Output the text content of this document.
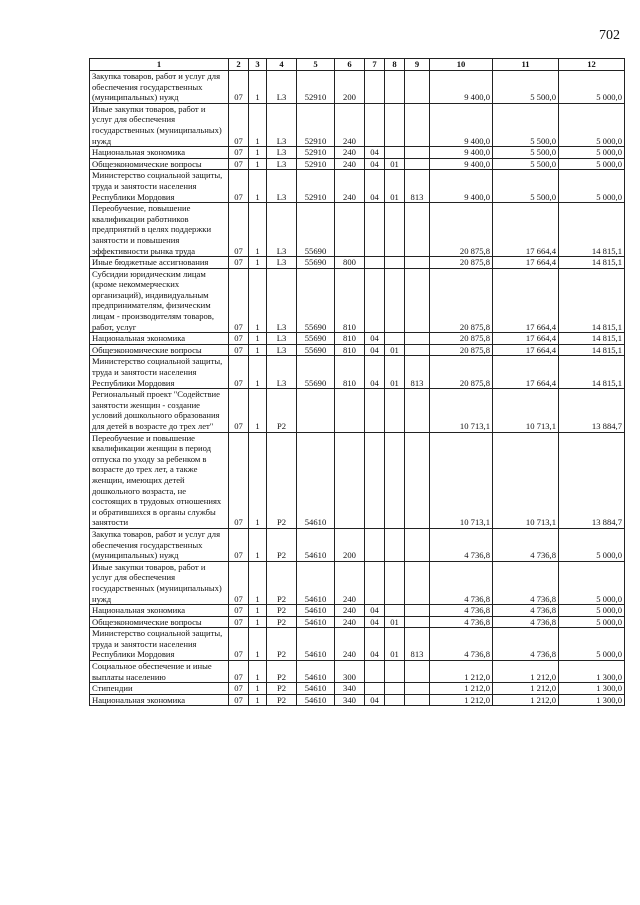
702
1	2	3	4	5	6	7	8	9	10	11	12
Закупка товаров, работ и услуг для обеспечения государственных (муниципальных) нужд	07	1	L3	52910	200				9 400,0	5 500,0	5 000,0
Иные закупки товаров, работ и услуг для обеспечения государственных (муниципальных) нужд	07	1	L3	52910	240				9 400,0	5 500,0	5 000,0
Национальная экономика	07	1	L3	52910	240	04			9 400,0	5 500,0	5 000,0
Общеэкономические вопросы	07	1	L3	52910	240	04	01		9 400,0	5 500,0	5 000,0
Министерство социальной защиты, труда и занятости населения Республики Мордовия	07	1	L3	52910	240	04	01	813	9 400,0	5 500,0	5 000,0
Переобучение, повышение квалификации работников предприятий в целях поддержки занятости и повышения эффективности рынка труда	07	1	L3	55690					20 875,8	17 664,4	14 815,1
Иные бюджетные ассигнования	07	1	L3	55690	800				20 875,8	17 664,4	14 815,1
Субсидии юридическим лицам (кроме некоммерческих организаций), индивидуальным предпринимателям, физическим лицам - производителям товаров, работ, услуг	07	1	L3	55690	810				20 875,8	17 664,4	14 815,1
Национальная экономика	07	1	L3	55690	810	04			20 875,8	17 664,4	14 815,1
Общеэкономические вопросы	07	1	L3	55690	810	04	01		20 875,8	17 664,4	14 815,1
Министерство социальной защиты, труда и занятости населения Республики Мордовия	07	1	L3	55690	810	04	01	813	20 875,8	17 664,4	14 815,1
Региональный проект "Содействие занятости женщин - создание условий дошкольного образования для детей в возрасте до трех лет"	07	1	P2						10 713,1	10 713,1	13 884,7
Переобучение и повышение квалификации женщин в период отпуска по уходу за ребенком в возрасте до трех лет, а также женщин, имеющих детей дошкольного возраста, не состоящих в трудовых отношениях и обратившихся в органы службы занятости	07	1	P2	54610					10 713,1	10 713,1	13 884,7
Закупка товаров, работ и услуг для обеспечения государственных (муниципальных) нужд	07	1	P2	54610	200				4 736,8	4 736,8	5 000,0
Иные закупки товаров, работ и услуг для обеспечения государственных (муниципальных) нужд	07	1	P2	54610	240				4 736,8	4 736,8	5 000,0
Национальная экономика	07	1	P2	54610	240	04			4 736,8	4 736,8	5 000,0
Общеэкономические вопросы	07	1	P2	54610	240	04	01		4 736,8	4 736,8	5 000,0
Министерство социальной защиты, труда и занятости населения Республики Мордовия	07	1	P2	54610	240	04	01	813	4 736,8	4 736,8	5 000,0
Социальное обеспечение и иные выплаты населению	07	1	P2	54610	300				1 212,0	1 212,0	1 300,0
Стипендии	07	1	P2	54610	340				1 212,0	1 212,0	1 300,0
Национальная экономика	07	1	P2	54610	340	04			1 212,0	1 212,0	1 300,0
